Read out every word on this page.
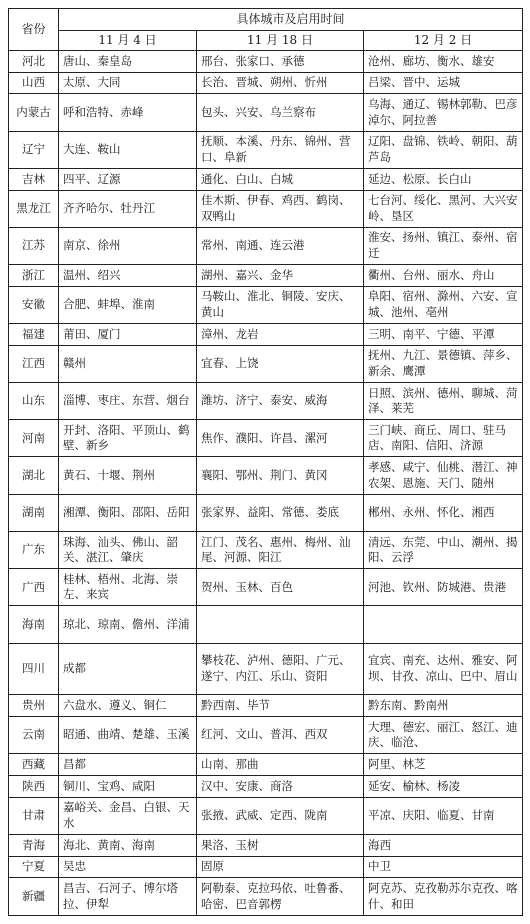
省份	具体城市及启用时间		
	11 月 4 日	11 月 18 日	12 月 2 日
河北	唐山、秦皇岛	邢台、张家口、承德	沧州、廊坊、衡水、雄安
山西	太原、大同	长治、晋城、朔州、忻州	吕梁、晋中、运城
内蒙古	呼和浩特、赤峰	包头、兴安、乌兰察布	乌海、通辽、锡林郭勒、巴彦淖尔、阿拉善
辽宁	大连、鞍山	抚顺、本溪、丹东、锦州、营口、阜新	辽阳、盘锦、铁岭、朝阳、葫芦岛
吉林	四平、辽源	通化、白山、白城	延边、松原、长白山
黑龙江	齐齐哈尔、牡丹江	佳木斯、伊春、鸡西、鹤岗、双鸭山	七台河、绥化、黑河、大兴安岭、垦区
江苏	南京、徐州	常州、南通、连云港	淮安、扬州、镇江、泰州、宿迁
浙江	温州、绍兴	湖州、嘉兴、金华	衢州、台州、丽水、舟山
安徽	合肥、蚌埠、淮南	马鞍山、淮北、铜陵、安庆、黄山	阜阳、宿州、滁州、六安、宣城、池州、亳州
福建	莆田、厦门	漳州、龙岩	三明、南平、宁德、平潭
江西	赣州	宜春、上饶	抚州、九江、景德镇、萍乡、新余、鹰潭
山东	淄博、枣庄、东营、烟台	潍坊、济宁、泰安、威海	日照、滨州、德州、聊城、菏泽、莱芜
河南	开封、洛阳、平顶山、鹤壁、新乡	焦作、濮阳、许昌、漯河	三门峡、商丘、周口、驻马店、南阳、信阳、济源
湖北	黄石、十堰、荆州	襄阳、鄂州、荆门、黄冈	孝感、咸宁、仙桃、潜江、神农架、恩施、天门、随州
湖南	湘潭、衡阳、邵阳、岳阳	张家界、益阳、常德、娄底	郴州、永州、怀化、湘西
广东	珠海、汕头、佛山、韶关、湛江、肇庆	江门、茂名、惠州、梅州、汕尾、河源、阳江	清远、东莞、中山、潮州、揭阳、云浮
广西	桂林、梧州、北海、崇左、来宾	贺州、玉林、百色	河池、钦州、防城港、贵港
海南	琼北、琼南、儋州、洋浦		
四川	成都	攀枝花、泸州、德阳、广元、遂宁、内江、乐山、资阳	宜宾、南充、达州、雅安、阿坝、甘孜、凉山、巴中、眉山
贵州	六盘水、遵义、铜仁	黔西南、毕节	黔东南、黔南州
云南	昭通、曲靖、楚雄、玉溪	红河、文山、普洱、西双	大理、德宏、丽江、怒江、迪庆、临沧、
西藏	昌都	山南、那曲	阿里、林芝
陕西	铜川、宝鸡、咸阳	汉中、安康、商洛	延安、榆林、杨凌
甘肃	嘉峪关、金昌、白银、天水	张掖、武威、定西、陇南	平凉、庆阳、临夏、甘南
青海	海北、黄南、海南	果洛、玉树	海西
宁夏	吴忠	固原	中卫
新疆	昌吉、石河子、博尔塔拉、伊犁	阿勒泰、克拉玛依、吐鲁番、哈密、巴音郭楞	阿克苏、克孜勒苏尔克孜、喀什、和田
